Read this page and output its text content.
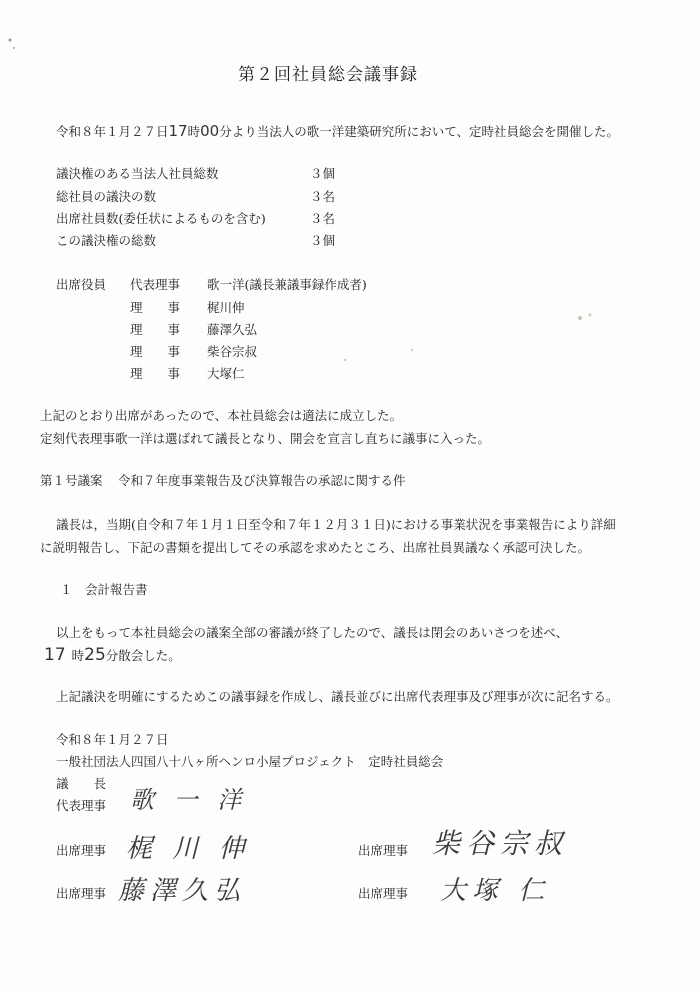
第２回社員総会議事録
令和８年１月２７日17時00分より当法人の歌一洋建築研究所において、定時社員総会を開催した。
議決権のある当法人社員総数	３個
総社員の議決の数	３名
出席社員数(委任状によるものを含む)	３名
この議決権の総数	３個
出席役員 代表理事 歌一洋(議長兼議事録作成者)
理　　事 梶川伸
理　　事 藤澤久弘
理　　事 柴谷宗叔
理　　事 大塚仁
上記のとおり出席があったので、本社員総会は適法に成立した。
定刻代表理事歌一洋は選ばれて議長となり、開会を宣言し直ちに議事に入った。
第１号議案 令和７年度事業報告及び決算報告の承認に関する件
議長は，当期(自令和７年１月１日至令和７年１２月３１日)における事業状況を事業報告により詳細
に説明報告し、下記の書類を提出してその承認を求めたところ、出席社員異議なく承認可決した。
１　会計報告書
以上をもって本社員総会の議案全部の審議が終了したので、議長は閉会のあいさつを述べ、
17 時25分散会した。
上記議決を明確にするためこの議事録を作成し、議長並びに出席代表理事及び理事が次に記名する。
令和８年１月２７日
一般社団法人四国八十八ヶ所ヘンロ小屋プロジェクト　定時社員総会
議　　長
代表理事 歌 一 洋
出席理事 梶 川 伸	出席理事 柴谷宗叔
出席理事 藤澤久弘	出席理事 大塚 仁
